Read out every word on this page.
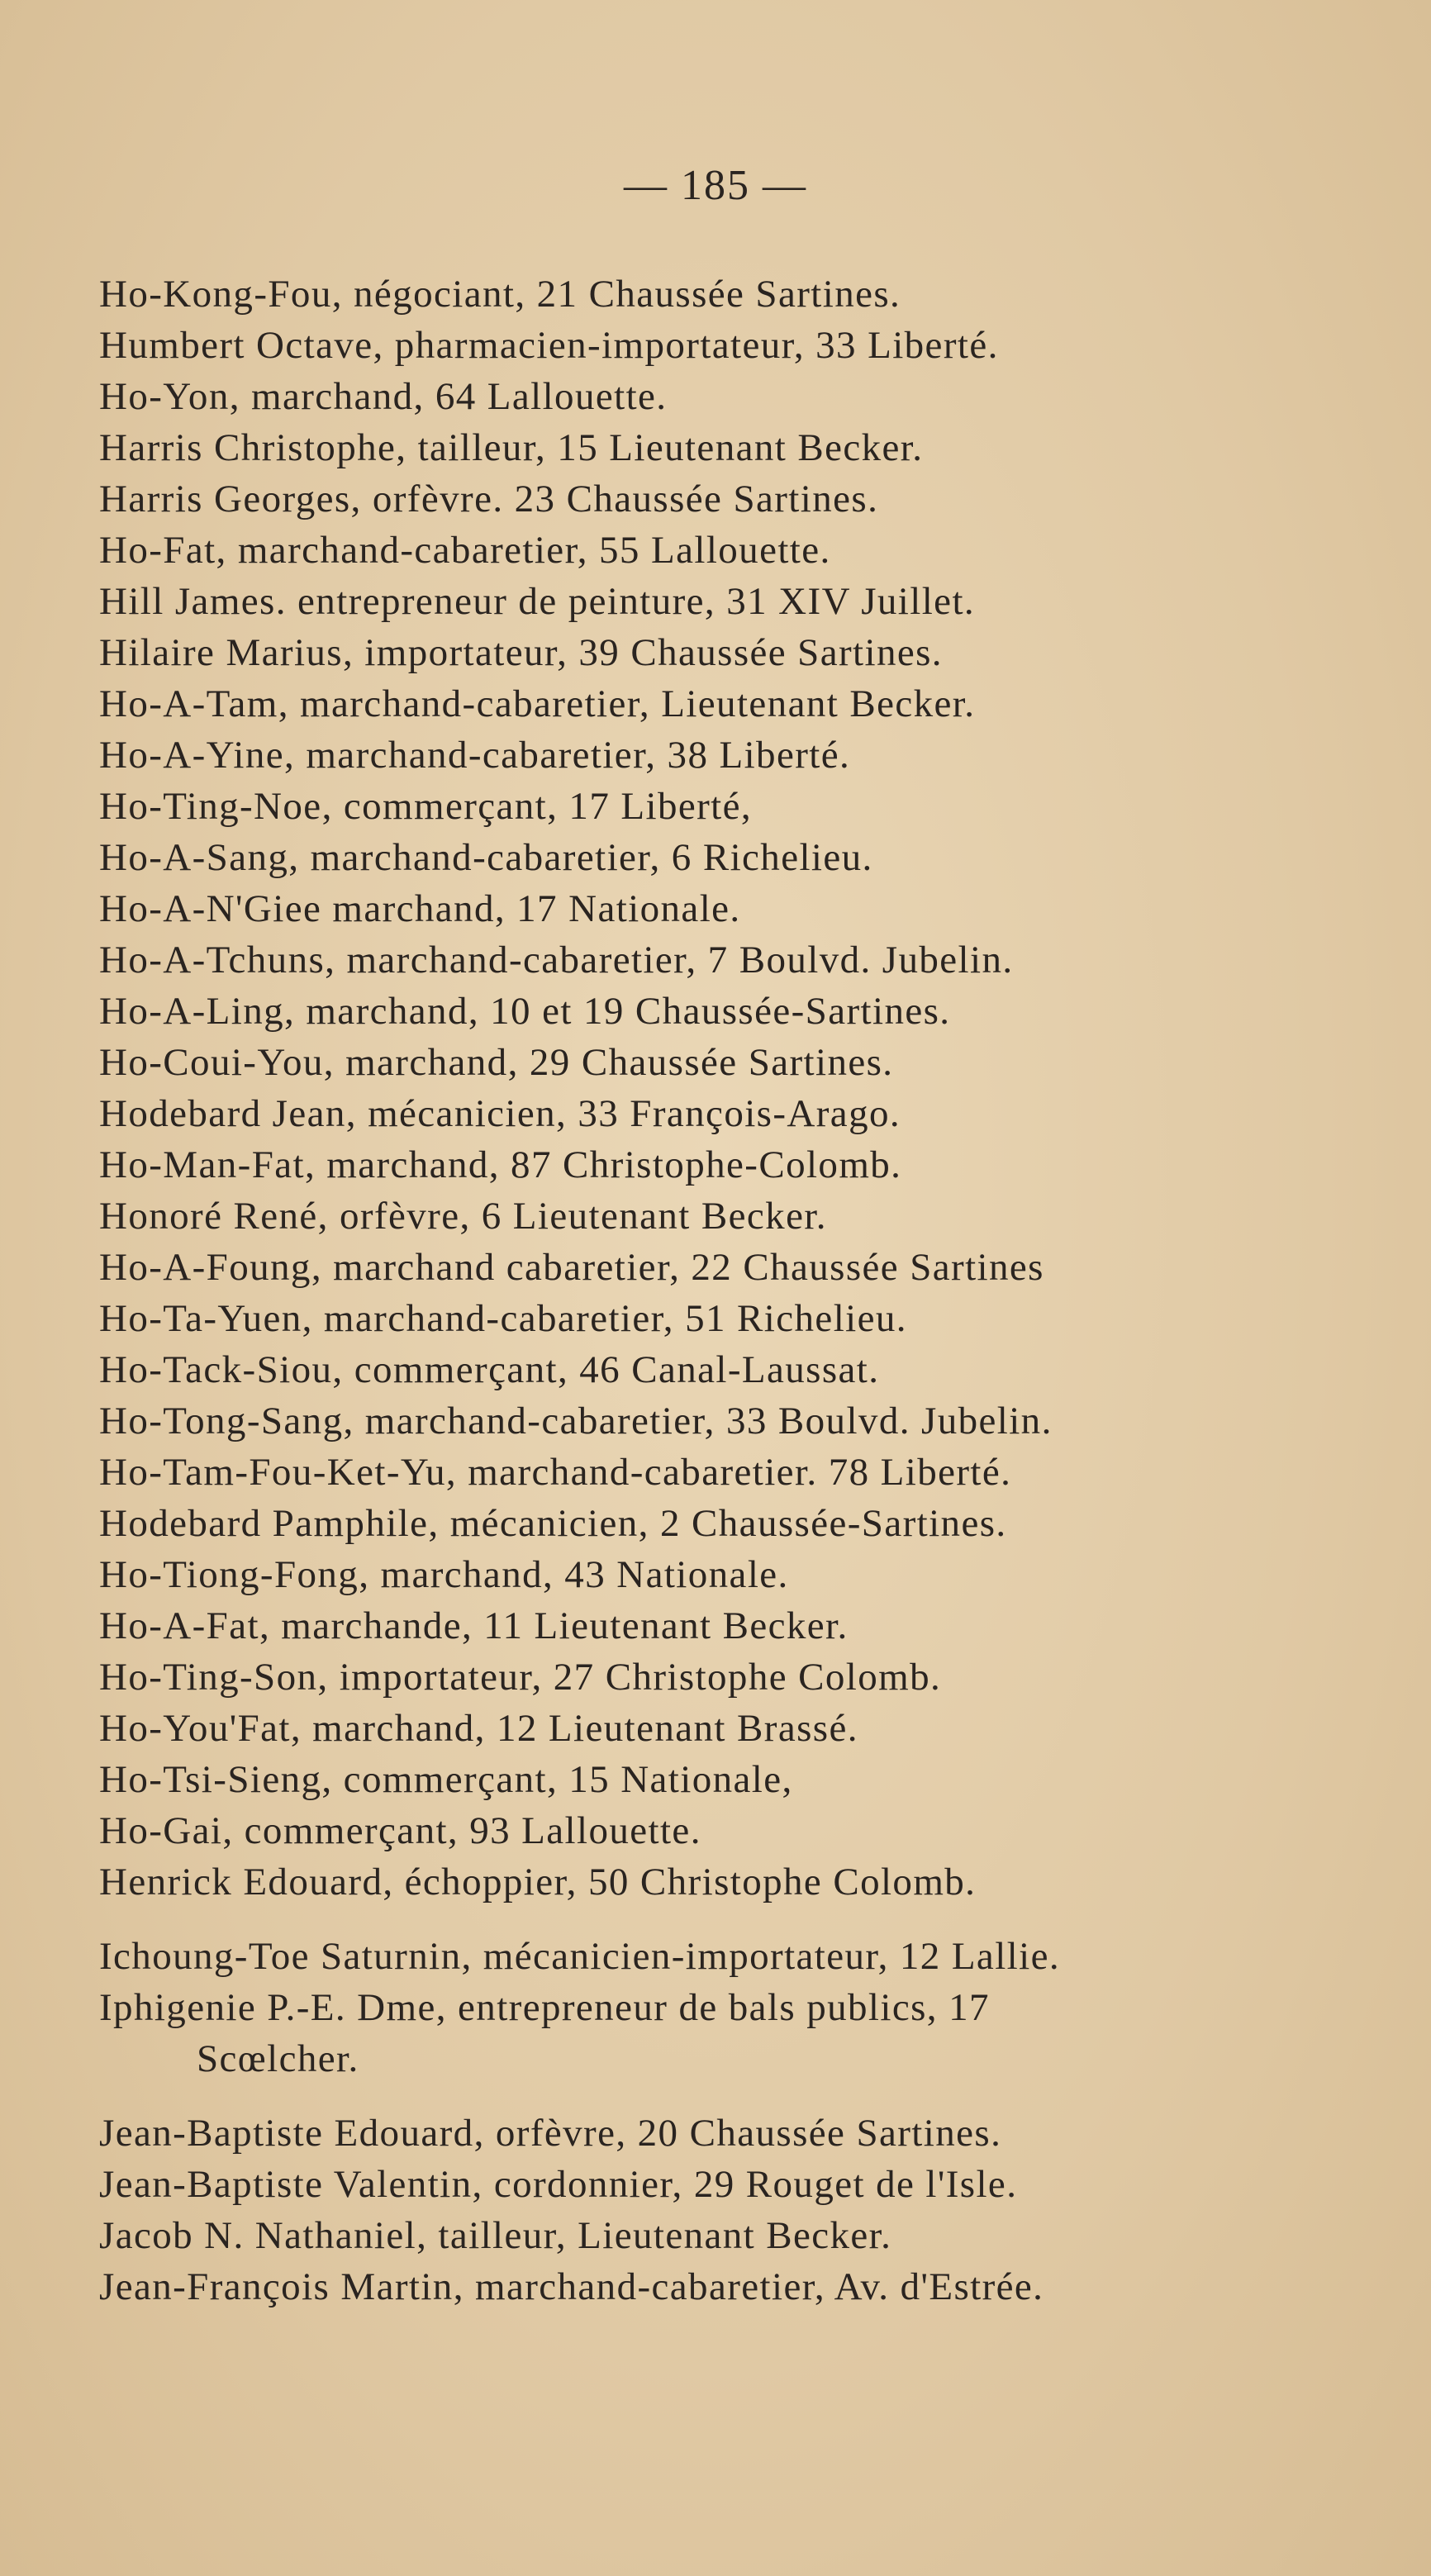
— 185 —
Ho-Kong-Fou, négociant, 21 Chaussée Sartines.
Humbert Octave, pharmacien-importateur, 33 Liberté.
Ho-Yon, marchand, 64 Lallouette.
Harris Christophe, tailleur, 15 Lieutenant Becker.
Harris Georges, orfèvre. 23 Chaussée Sartines.
Ho-Fat, marchand-cabaretier, 55 Lallouette.
Hill James. entrepreneur de peinture, 31 XIV Juillet.
Hilaire Marius, importateur, 39 Chaussée Sartines.
Ho-A-Tam, marchand-cabaretier, Lieutenant Becker.
Ho-A-Yine, marchand-cabaretier, 38 Liberté.
Ho-Ting-Noe, commerçant, 17 Liberté,
Ho-A-Sang, marchand-cabaretier, 6 Richelieu.
Ho-A-N'Giee marchand, 17 Nationale.
Ho-A-Tchuns, marchand-cabaretier, 7 Boulvd. Jubelin.
Ho-A-Ling, marchand, 10 et 19 Chaussée-Sartines.
Ho-Coui-You, marchand, 29 Chaussée Sartines.
Hodebard Jean, mécanicien, 33 François-Arago.
Ho-Man-Fat, marchand, 87 Christophe-Colomb.
Honoré René, orfèvre, 6 Lieutenant Becker.
Ho-A-Foung, marchand cabaretier, 22 Chaussée Sartines
Ho-Ta-Yuen, marchand-cabaretier, 51 Richelieu.
Ho-Tack-Siou, commerçant, 46 Canal-Laussat.
Ho-Tong-Sang, marchand-cabaretier, 33 Boulvd. Jubelin.
Ho-Tam-Fou-Ket-Yu, marchand-cabaretier. 78 Liberté.
Hodebard Pamphile, mécanicien, 2 Chaussée-Sartines.
Ho-Tiong-Fong, marchand, 43 Nationale.
Ho-A-Fat, marchande, 11 Lieutenant Becker.
Ho-Ting-Son, importateur, 27 Christophe Colomb.
Ho-You'Fat, marchand, 12 Lieutenant Brassé.
Ho-Tsi-Sieng, commerçant, 15 Nationale,
Ho-Gai, commerçant, 93 Lallouette.
Henrick Edouard, échoppier, 50 Christophe Colomb.
Ichoung-Toe Saturnin, mécanicien-importateur, 12 Lallie.
Iphigenie P.-E. Dme, entrepreneur de bals publics, 17
Scœlcher.
Jean-Baptiste Edouard, orfèvre, 20 Chaussée Sartines.
Jean-Baptiste Valentin, cordonnier, 29 Rouget de l'Isle.
Jacob N. Nathaniel, tailleur, Lieutenant Becker.
Jean-François Martin, marchand-cabaretier, Av. d'Estrée.
